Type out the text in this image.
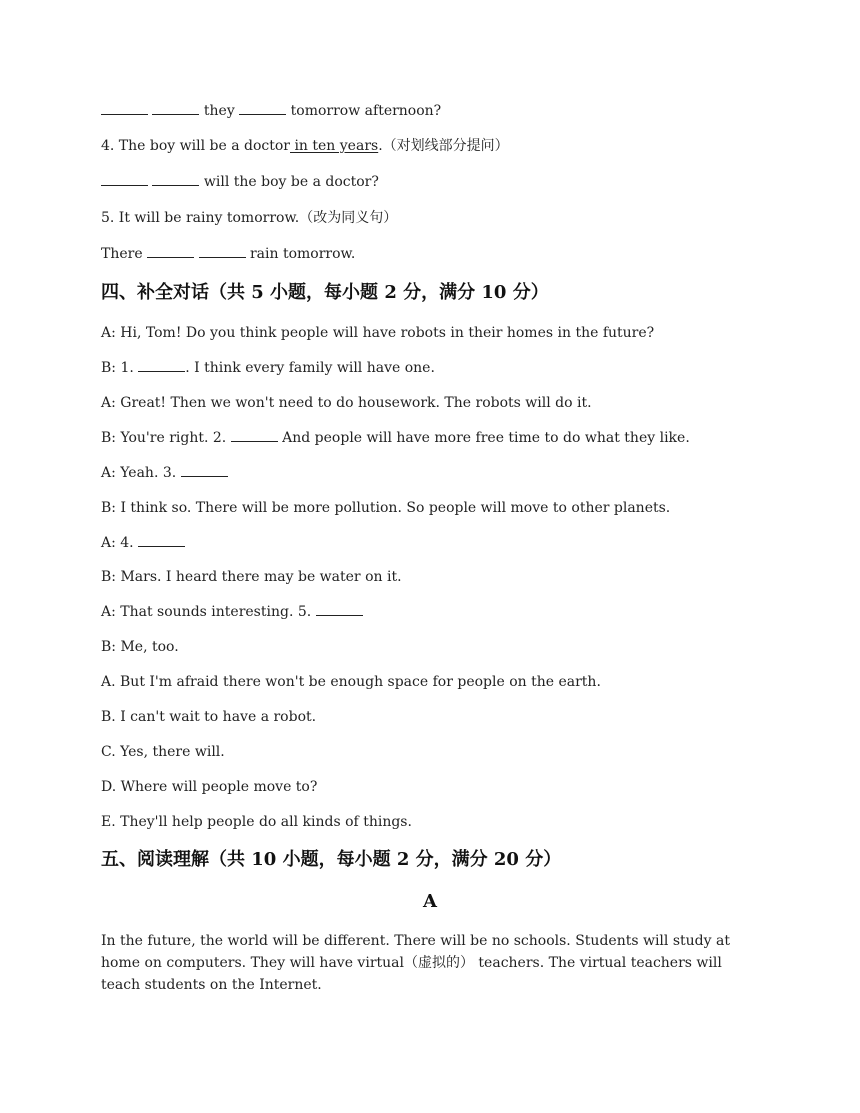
they	tomorrow afternoon?
4. The boy will be a doctor in ten years.（对划线部分提问）
will the boy be a doctor?
5. It will be rainy tomorrow.（改为同义句）
There	rain tomorrow.
四、补全对话（共 5 小题，每小题 2 分，满分 10 分）
A: Hi, Tom! Do you think people will have robots in their homes in the future?
B: 1.	. I think every family will have one.
A: Great! Then we won't need to do housework. The robots will do it.
B: You're right. 2.	And people will have more free time to do what they like.
A: Yeah. 3.
B: I think so. There will be more pollution. So people will move to other planets.
A: 4.
B: Mars. I heard there may be water on it.
A: That sounds interesting. 5.
B: Me, too.
A. But I'm afraid there won't be enough space for people on the earth.
B. I can't wait to have a robot.
C. Yes, there will.
D. Where will people move to?
E. They'll help people do all kinds of things.
五、阅读理解（共 10 小题，每小题 2 分，满分 20 分）
A
In the future, the world will be different. There will be no schools. Students will study at home on computers. They will have virtual（虚拟的） teachers. The virtual teachers will teach students on the Internet.
